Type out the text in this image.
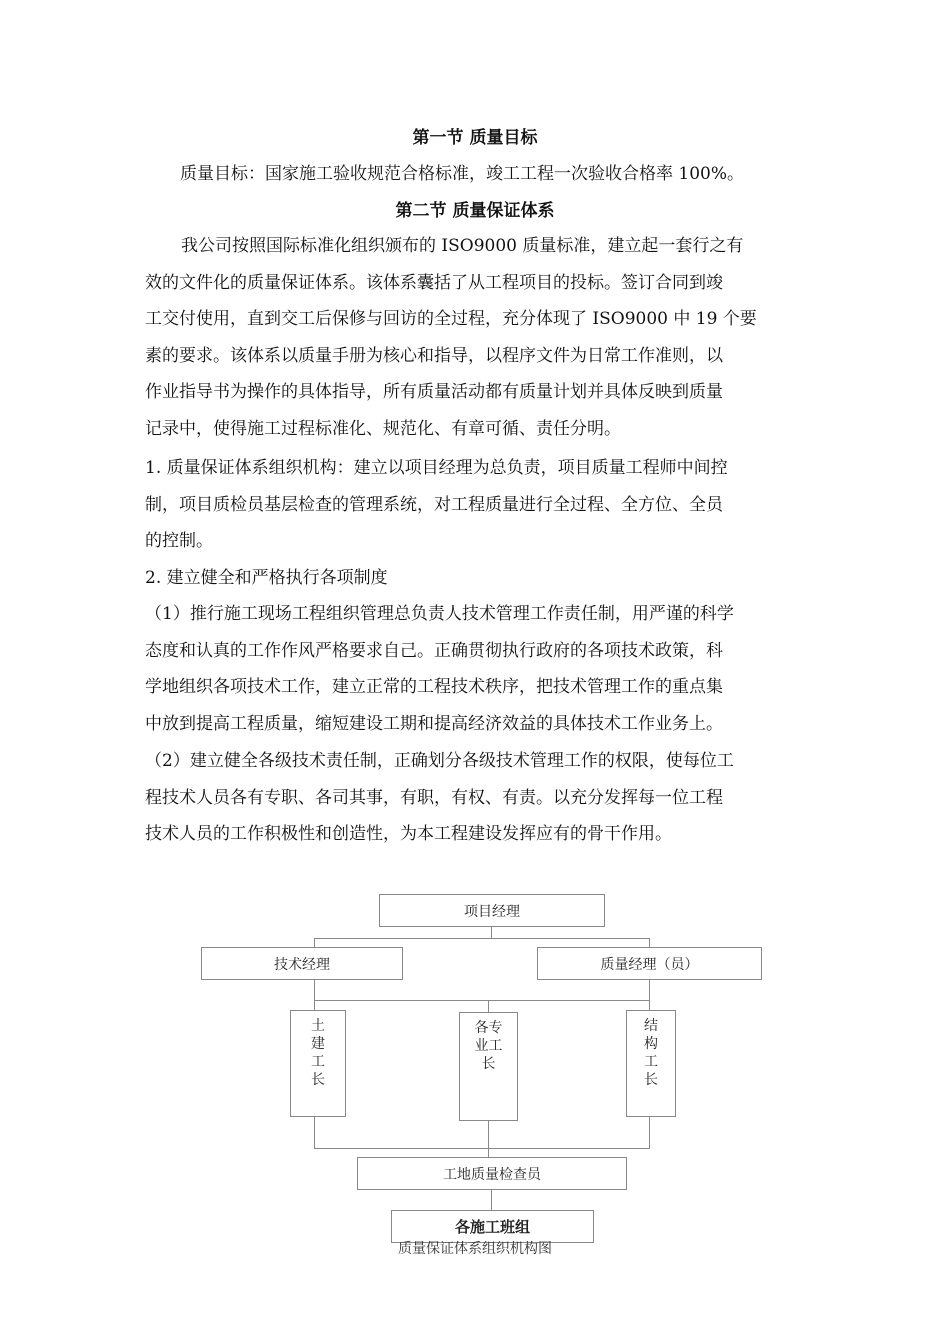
第一节 质量目标
质量目标：国家施工验收规范合格标准，竣工工程一次验收合格率 100%。
第二节 质量保证体系
我公司按照国际标准化组织颁布的 ISO9000 质量标准，建立起一套行之有
效的文件化的质量保证体系。该体系囊括了从工程项目的投标。签订合同到竣
工交付使用，直到交工后保修与回访的全过程，充分体现了 ISO9000 中 19 个要
素的要求。该体系以质量手册为核心和指导，以程序文件为日常工作准则，以
作业指导书为操作的具体指导，所有质量活动都有质量计划并具体反映到质量
记录中，使得施工过程标准化、规范化、有章可循、责任分明。
1. 质量保证体系组织机构：建立以项目经理为总负责，项目质量工程师中间控
制，项目质检员基层检查的管理系统，对工程质量进行全过程、全方位、全员
的控制。
2. 建立健全和严格执行各项制度
（1）推行施工现场工程组织管理总负责人技术管理工作责任制，用严谨的科学
态度和认真的工作作风严格要求自己。正确贯彻执行政府的各项技术政策，科
学地组织各项技术工作，建立正常的工程技术秩序，把技术管理工作的重点集
中放到提高工程质量，缩短建设工期和提高经济效益的具体技术工作业务上。
（2）建立健全各级技术责任制，正确划分各级技术管理工作的权限，使每位工
程技术人员各有专职、各司其事，有职，有权、有责。以充分发挥每一位工程
技术人员的工作积极性和创造性，为本工程建设发挥应有的骨干作用。
项目经理
技术经理	质量经理（员）
土
建
工
长
各专
业工
长
结
构
工
长
工地质量检查员
各施工班组
质量保证体系组织机构图
